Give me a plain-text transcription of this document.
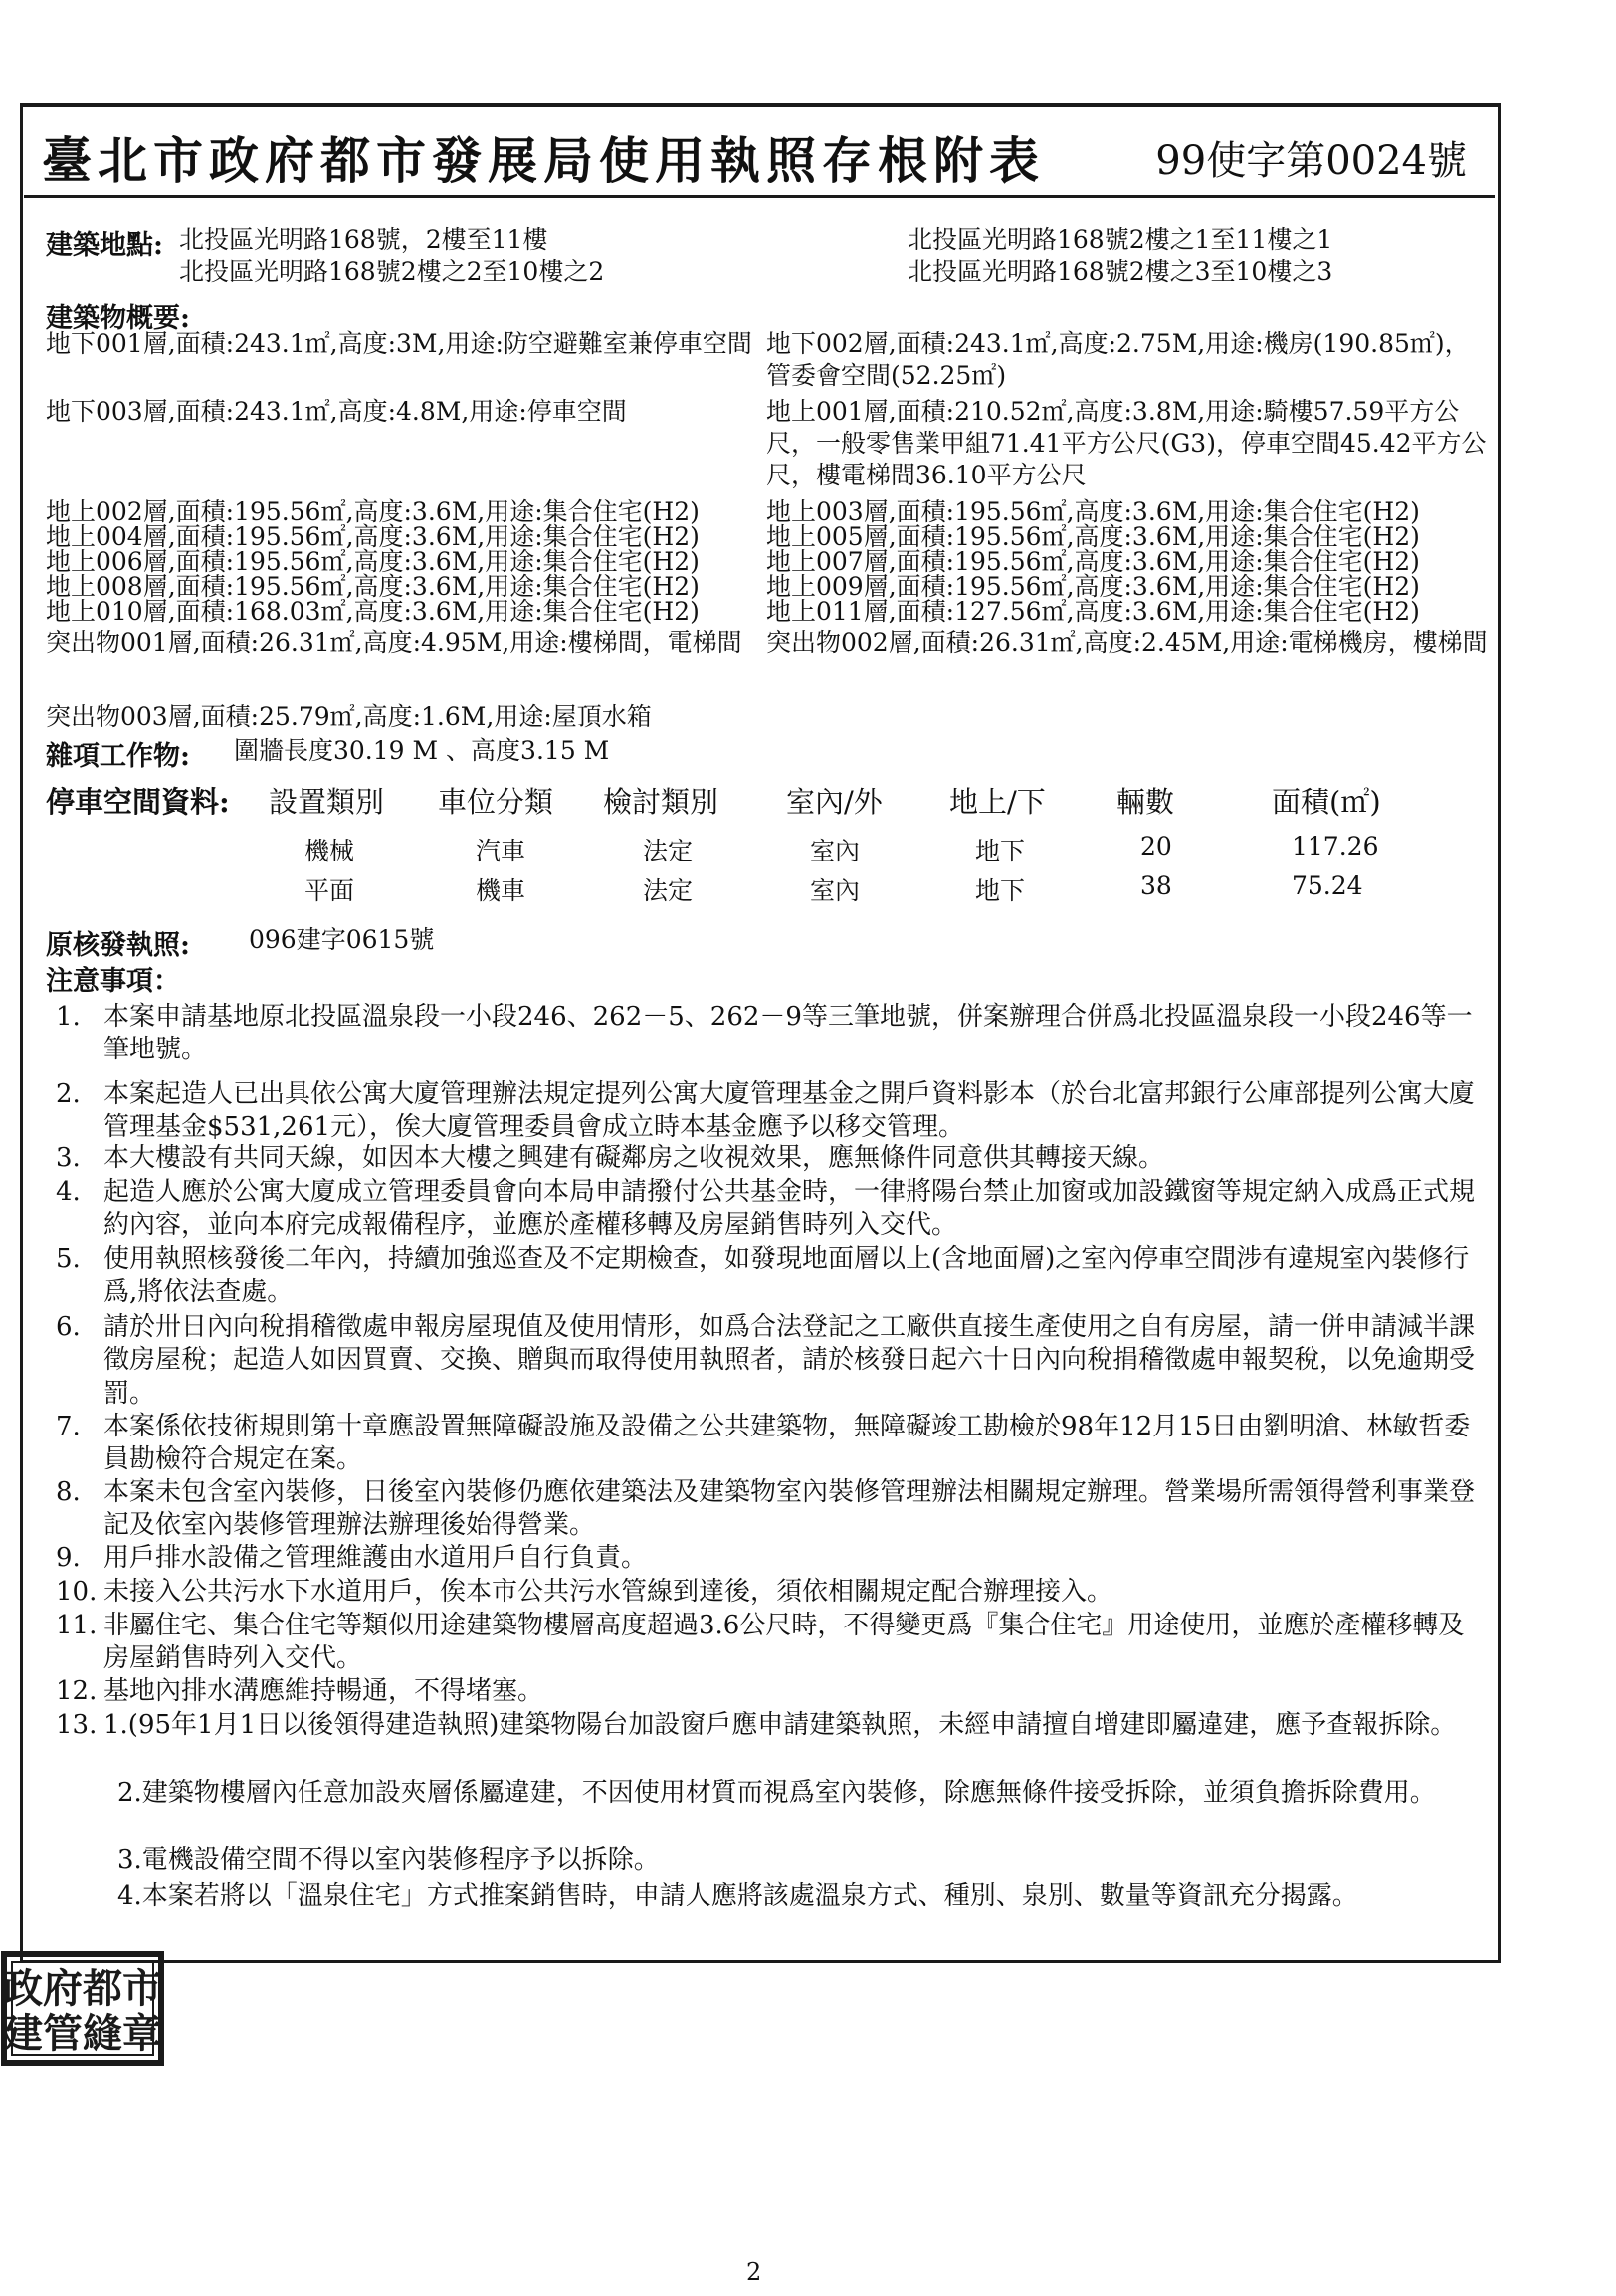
臺北市政府都市發展局使用執照存根附表	99使字第0024號
建築地點: 北投區光明路168號，2樓至11樓
北投區光明路168號2樓之2至10樓之2
北投區光明路168號2樓之1至11樓之1
北投區光明路168號2樓之3至10樓之3
建築物概要:
地下001層,面積:243.1㎡,高度:3M,用途:防空避難室兼停車空間 地下002層,面積:243.1㎡,高度:2.75M,用途:機房(190.85㎡)，管委會空間(52.25㎡)
地下003層,面積:243.1㎡,高度:4.8M,用途:停車空間	地上001層,面積:210.52㎡,高度:3.8M,用途:騎樓57.59平方公尺，一般零售業甲組71.41平方公尺(G3)，停車空間45.42平方公尺，樓電梯間36.10平方公尺
地上002層,面積:195.56㎡,高度:3.6M,用途:集合住宅(H2)	地上003層,面積:195.56㎡,高度:3.6M,用途:集合住宅(H2)
地上004層,面積:195.56㎡,高度:3.6M,用途:集合住宅(H2)	地上005層,面積:195.56㎡,高度:3.6M,用途:集合住宅(H2)
地上006層,面積:195.56㎡,高度:3.6M,用途:集合住宅(H2)	地上007層,面積:195.56㎡,高度:3.6M,用途:集合住宅(H2)
地上008層,面積:195.56㎡,高度:3.6M,用途:集合住宅(H2)	地上009層,面積:195.56㎡,高度:3.6M,用途:集合住宅(H2)
地上010層,面積:168.03㎡,高度:3.6M,用途:集合住宅(H2)	地上011層,面積:127.56㎡,高度:3.6M,用途:集合住宅(H2)
突出物001層,面積:26.31㎡,高度:4.95M,用途:樓梯間，電梯間 突出物002層,面積:26.31㎡,高度:2.45M,用途:電梯機房，樓梯間
突出物003層,面積:25.79㎡,高度:1.6M,用途:屋頂水箱
雜項工作物: 圍牆長度30.19 M 、高度3.15 M
停車空間資料: 設置類別 車位分類 檢討類別 室內/外 地上/下 輛數	面積(㎡)
機械	汽車	法定	室內	地下	20	117.26
平面	機車	法定	室內	地下	38	75.24
原核發執照: 096建字0615號
注意事項：
1. 本案申請基地原北投區溫泉段一小段246、262－5、262－9等三筆地號，併案辦理合併爲北投區溫泉段一小段246等一筆地號。
2. 本案起造人已出具依公寓大廈管理辦法規定提列公寓大廈管理基金之開戶資料影本（於台北富邦銀行公庫部提列公寓大廈管理基金$531,261元），俟大廈管理委員會成立時本基金應予以移交管理。
3. 本大樓設有共同天線，如因本大樓之興建有礙鄰房之收視效果，應無條件同意供其轉接天線。
4. 起造人應於公寓大廈成立管理委員會向本局申請撥付公共基金時，一律將陽台禁止加窗或加設鐵窗等規定納入成爲正式規約內容，並向本府完成報備程序，並應於產權移轉及房屋銷售時列入交代。
5. 使用執照核發後二年內，持續加強巡查及不定期檢查，如發現地面層以上(含地面層)之室內停車空間涉有違規室內裝修行爲,將依法查處。
6. 請於卅日內向稅捐稽徵處申報房屋現值及使用情形，如爲合法登記之工廠供直接生產使用之自有房屋，請一併申請減半課徵房屋稅；起造人如因買賣、交換、贈與而取得使用執照者，請於核發日起六十日內向稅捐稽徵處申報契稅，以免逾期受罰。
7. 本案係依技術規則第十章應設置無障礙設施及設備之公共建築物，無障礙竣工勘檢於98年12月15日由劉明滄、林敏哲委員勘檢符合規定在案。
8. 本案未包含室內裝修，日後室內裝修仍應依建築法及建築物室內裝修管理辦法相關規定辦理。營業場所需領得營利事業登記及依室內裝修管理辦法辦理後始得營業。
9. 用戶排水設備之管理維護由水道用戶自行負責。
10. 未接入公共污水下水道用戶，俟本市公共污水管線到達後，須依相關規定配合辦理接入。
11. 非屬住宅、集合住宅等類似用途建築物樓層高度超過3.6公尺時，不得變更爲『集合住宅』用途使用，並應於產權移轉及房屋銷售時列入交代。
12. 基地內排水溝應維持暢通，不得堵塞。
13. 1.(95年1月1日以後領得建造執照)建築物陽台加設窗戶應申請建築執照，未經申請擅自增建即屬違建，應予查報拆除。
2.建築物樓層內任意加設夾層係屬違建，不因使用材質而視爲室內裝修，除應無條件接受拆除，並須負擔拆除費用。
3.電機設備空間不得以室內裝修程序予以拆除。
4.本案若將以「溫泉住宅」方式推案銷售時，申請人應將該處溫泉方式、種別、泉別、數量等資訊充分揭露。
政府都市
建管縫章
2
